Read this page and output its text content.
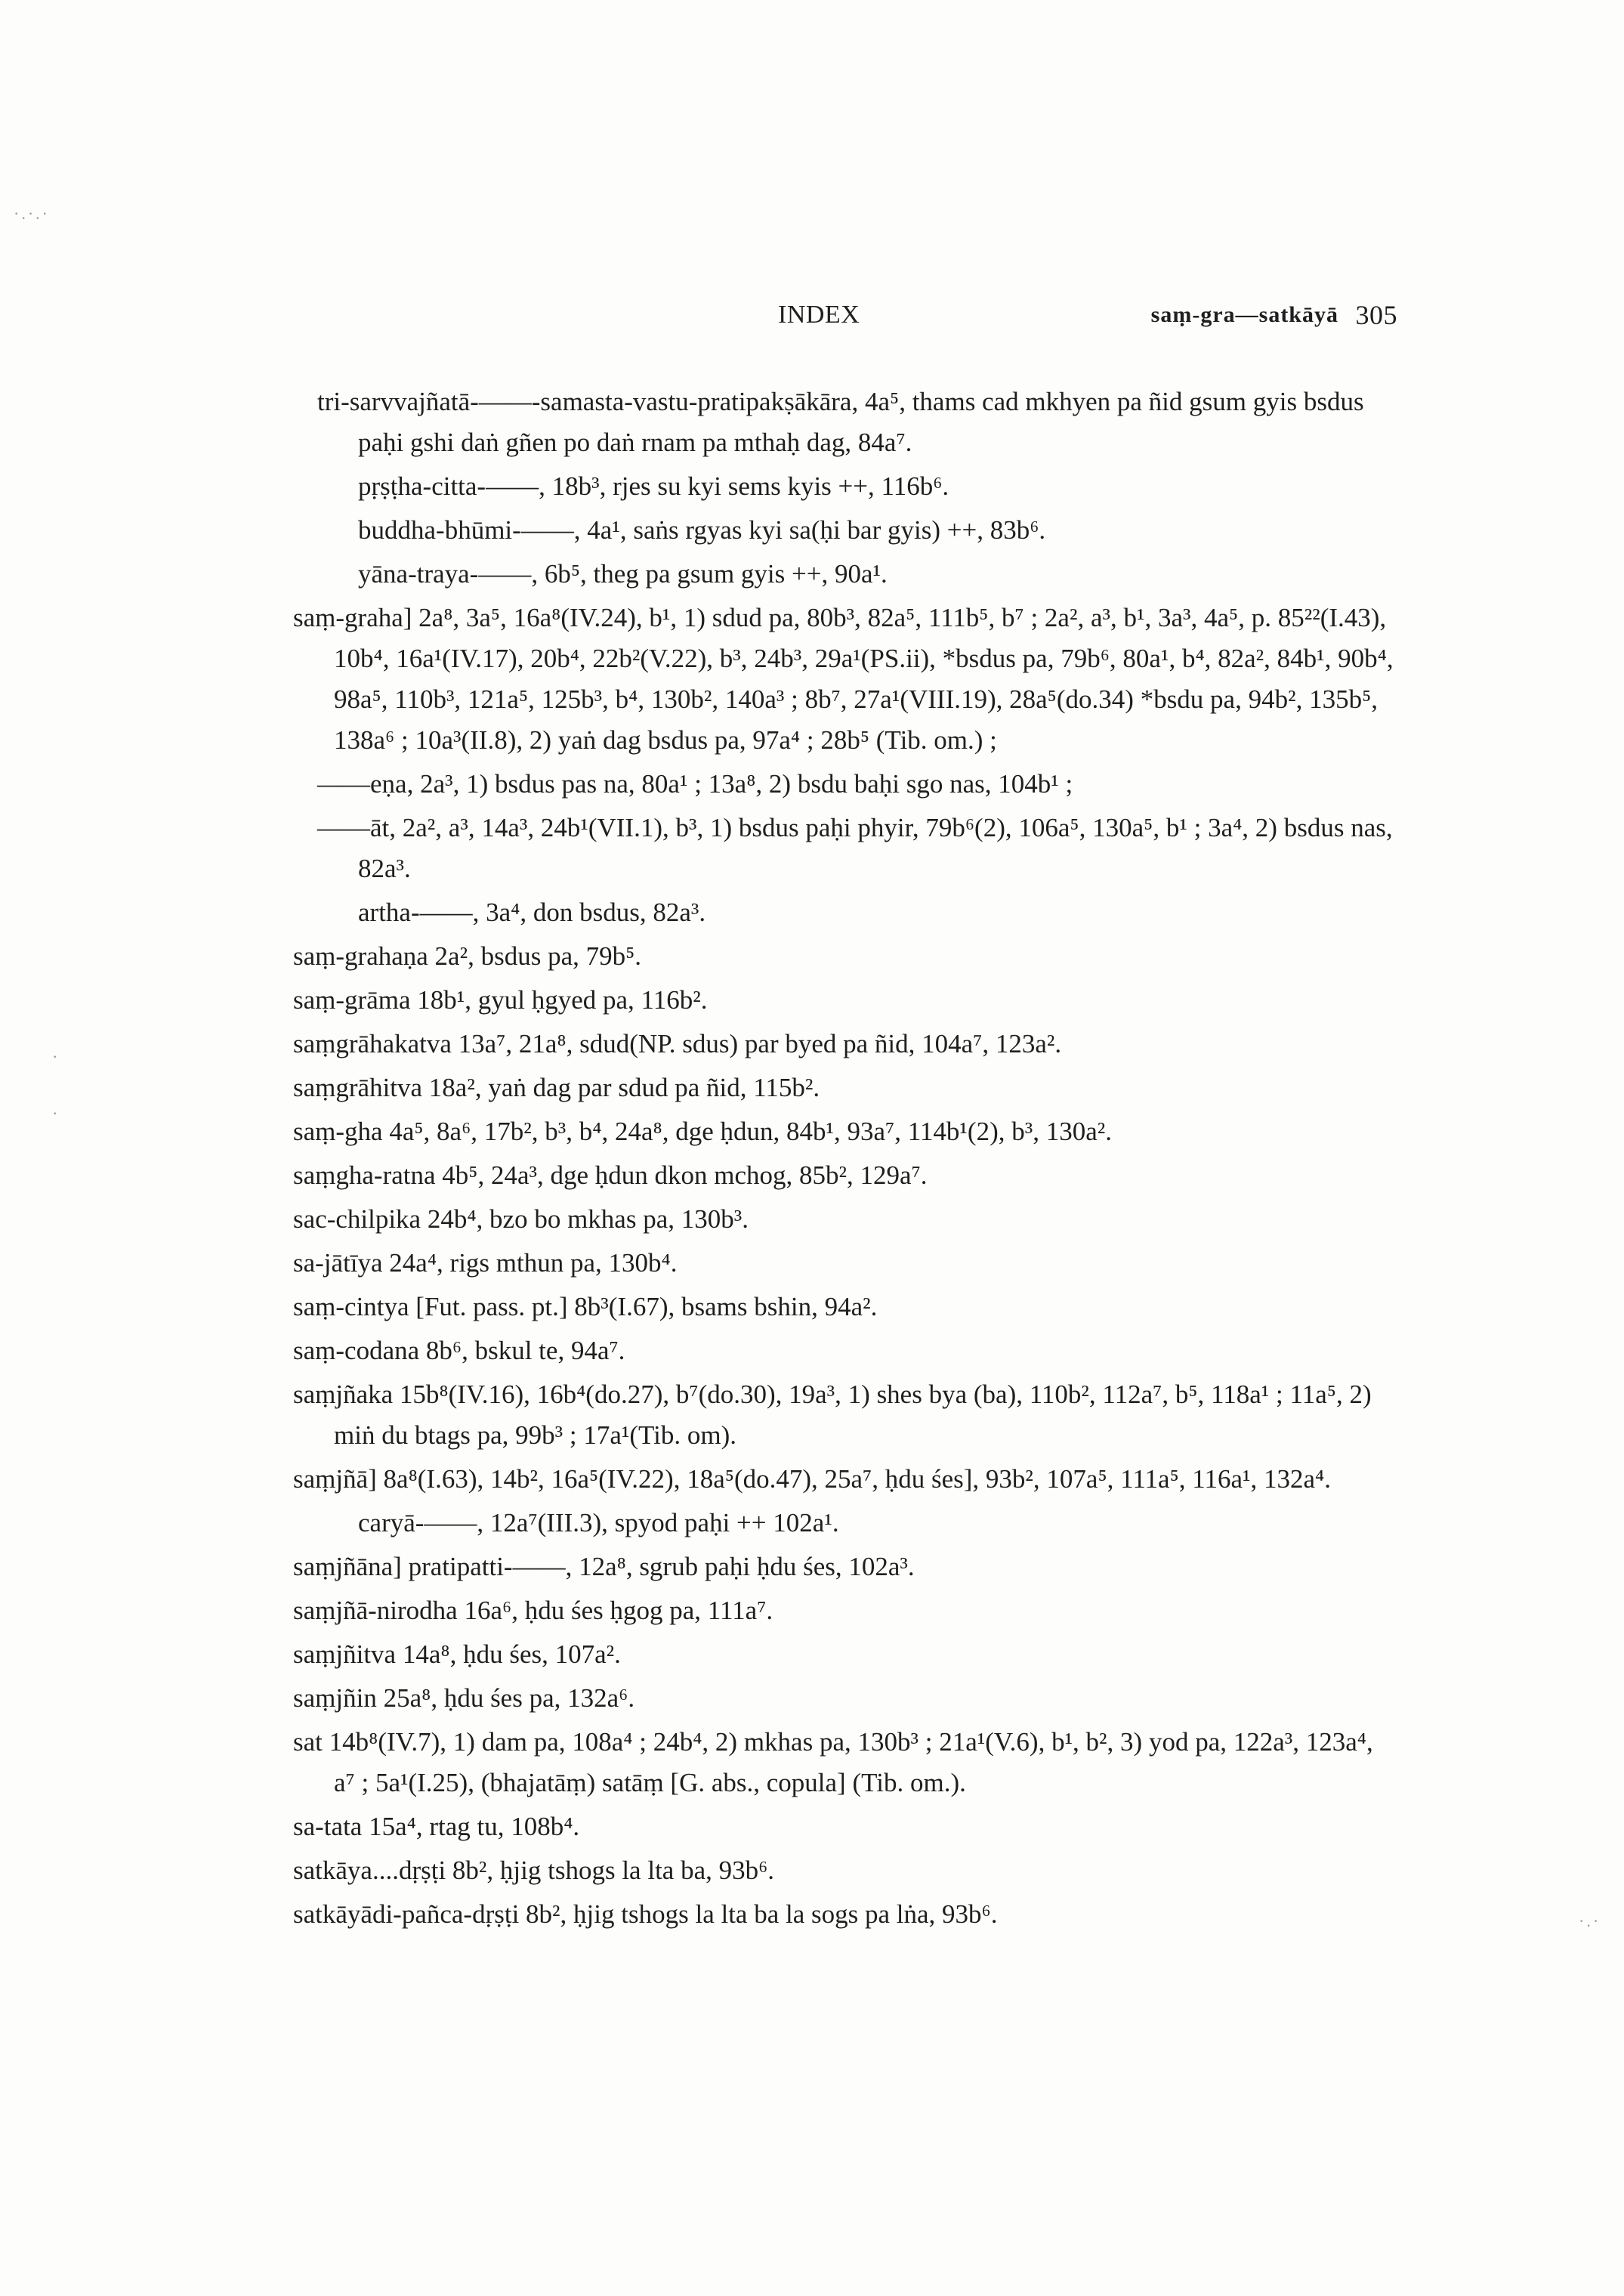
INDEX	saṃ-gra—satkāyā 305

tri-sarvvajñatā-——-samasta-vastu-pratipakṣākāra, 4a⁵, thams cad mkhyen pa ñid gsum gyis bsdus paḥi gshi daṅ gñen po daṅ rnam pa mthaḥ dag, 84a⁷.

pṛṣṭha-citta-——, 18b³, rjes su kyi sems kyis ++, 116b⁶.

buddha-bhūmi-——, 4a¹, saṅs rgyas kyi sa(ḥi bar gyis) ++, 83b⁶.

yāna-traya-——, 6b⁵, theg pa gsum gyis ++, 90a¹.

saṃ-graha] 2a⁸, 3a⁵, 16a⁸(IV.24), b¹, 1) sdud pa, 80b³, 82a⁵, 111b⁵, b⁷ ; 2a², a³, b¹, 3a³, 4a⁵, p. 85²²(I.43), 10b⁴, 16a¹(IV.17), 20b⁴, 22b²(V.22), b³, 24b³, 29a¹(PS.ii), *bsdus pa, 79b⁶, 80a¹, b⁴, 82a², 84b¹, 90b⁴, 98a⁵, 110b³, 121a⁵, 125b³, b⁴, 130b², 140a³ ; 8b⁷, 27a¹(VIII.19), 28a⁵(do.34) *bsdu pa, 94b², 135b⁵, 138a⁶ ; 10a³(II.8), 2) yaṅ dag bsdus pa, 97a⁴ ; 28b⁵ (Tib. om.) ;

——eṇa, 2a³, 1) bsdus pas na, 80a¹ ; 13a⁸, 2) bsdu baḥi sgo nas, 104b¹ ;

——āt, 2a², a³, 14a³, 24b¹(VII.1), b³, 1) bsdus paḥi phyir, 79b⁶(2), 106a⁵, 130a⁵, b¹ ; 3a⁴, 2) bsdus nas, 82a³.

artha-——, 3a⁴, don bsdus, 82a³.

saṃ-grahaṇa 2a², bsdus pa, 79b⁵.

saṃ-grāma 18b¹, gyul ḥgyed pa, 116b².

saṃgrāhakatva 13a⁷, 21a⁸, sdud(NP. sdus) par byed pa ñid, 104a⁷, 123a².

saṃgrāhitva 18a², yaṅ dag par sdud pa ñid, 115b².

saṃ-gha 4a⁵, 8a⁶, 17b², b³, b⁴, 24a⁸, dge ḥdun, 84b¹, 93a⁷, 114b¹(2), b³, 130a².

saṃgha-ratna 4b⁵, 24a³, dge ḥdun dkon mchog, 85b², 129a⁷.

sac-chilpika 24b⁴, bzo bo mkhas pa, 130b³.

sa-jātīya 24a⁴, rigs mthun pa, 130b⁴.

saṃ-cintya [Fut. pass. pt.] 8b³(I.67), bsams bshin, 94a².

saṃ-codana 8b⁶, bskul te, 94a⁷.

saṃjñaka 15b⁸(IV.16), 16b⁴(do.27), b⁷(do.30), 19a³, 1) shes bya (ba), 110b², 112a⁷, b⁵, 118a¹ ; 11a⁵, 2) miṅ du btags pa, 99b³ ; 17a¹(Tib. om).

saṃjñā] 8a⁸(I.63), 14b², 16a⁵(IV.22), 18a⁵(do.47), 25a⁷, ḥdu śes], 93b², 107a⁵, 111a⁵, 116a¹, 132a⁴.

caryā-——, 12a⁷(III.3), spyod paḥi ++ 102a¹.

saṃjñāna] pratipatti-——, 12a⁸, sgrub paḥi ḥdu śes, 102a³.

saṃjñā-nirodha 16a⁶, ḥdu śes ḥgog pa, 111a⁷.

saṃjñitva 14a⁸, ḥdu śes, 107a².

saṃjñin 25a⁸, ḥdu śes pa, 132a⁶.

sat 14b⁸(IV.7), 1) dam pa, 108a⁴ ; 24b⁴, 2) mkhas pa, 130b³ ; 21a¹(V.6), b¹, b², 3) yod pa, 122a³, 123a⁴, a⁷ ; 5a¹(I.25), (bhajatāṃ) satāṃ [G. abs., copula] (Tib. om.).

sa-tata 15a⁴, rtag tu, 108b⁴.

satkāya....dṛṣṭi 8b², ḥjig tshogs la lta ba, 93b⁶.

satkāyādi-pañca-dṛṣṭi 8b², ḥjig tshogs la lta ba la sogs pa lṅa, 93b⁶.

·.·.·
.
.
·.·
